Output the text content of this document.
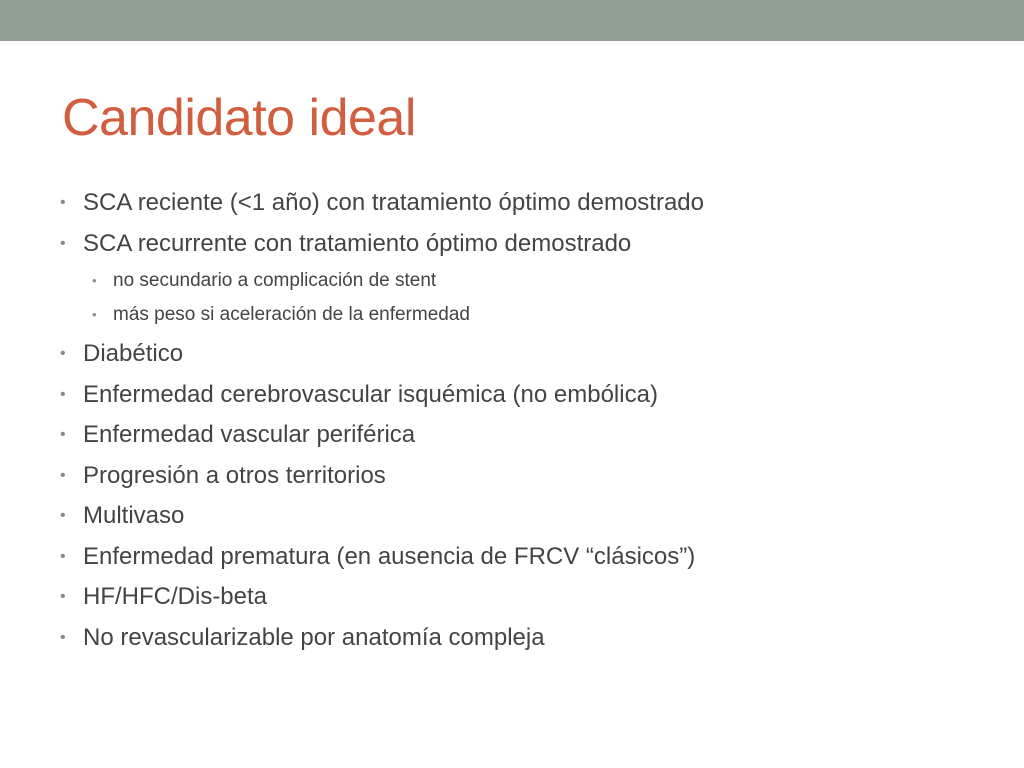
Candidato ideal
• SCA reciente (<1 año) con tratamiento óptimo demostrado
• SCA recurrente con tratamiento óptimo demostrado
• no secundario a complicación de stent
• más peso si aceleración de la enfermedad
• Diabético
• Enfermedad cerebrovascular isquémica (no embólica)
• Enfermedad vascular periférica
• Progresión a otros territorios
• Multivaso
• Enfermedad prematura (en ausencia de FRCV “clásicos”)
• HF/HFC/Dis-beta
• No revascularizable por anatomía compleja
